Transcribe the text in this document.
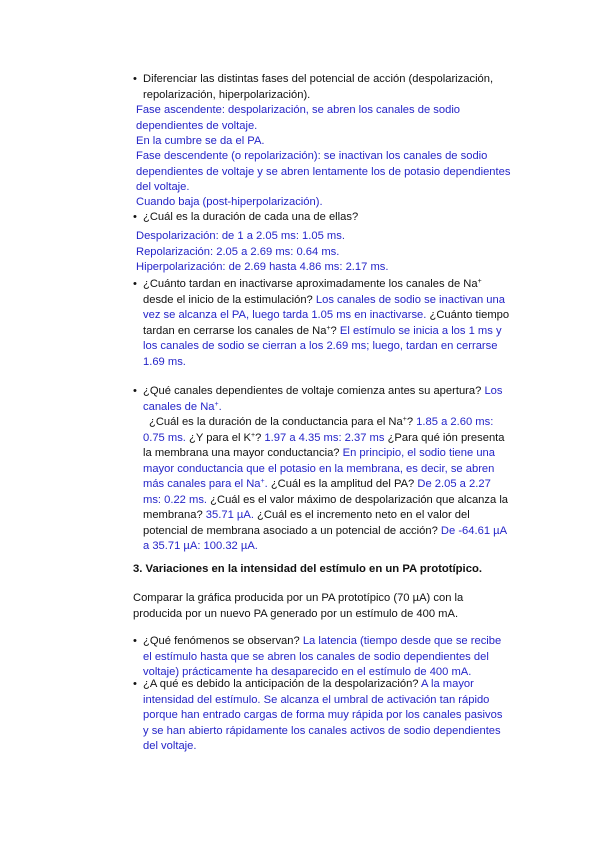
• Diferenciar las distintas fases del potencial de acción (despolarización, repolarización, hiperpolarización).

Fase ascendente: despolarización, se abren los canales de sodio dependientes de voltaje.

En la cumbre se da el PA.

Fase descendente (o repolarización): se inactivan los canales de sodio dependientes de voltaje y se abren lentamente los de potasio dependientes del voltaje.

Cuando baja (post-hiperpolarización).

• ¿Cuál es la duración de cada una de ellas?

Despolarización: de 1 a 2.05 ms: 1.05 ms.

Repolarización: 2.05 a 2.69 ms: 0.64 ms.

Hiperpolarización: de 2.69 hasta 4.86 ms: 2.17 ms.

• ¿Cuánto tardan en inactivarse aproximadamente los canales de Na+ desde el inicio de la estimulación? Los canales de sodio se inactivan una vez se alcanza el PA, luego tarda 1.05 ms en inactivarse. ¿Cuánto tiempo tardan en cerrarse los canales de Na+? El estímulo se inicia a los 1 ms y los canales de sodio se cierran a los 2.69 ms; luego, tardan en cerrarse 1.69 ms.
• ¿Qué canales dependientes de voltaje comienza antes su apertura? Los canales de Na+.
¿Cuál es la duración de la conductancia para el Na+? 1.85 a 2.60 ms: 0.75 ms. ¿Y para el K+? 1.97 a 4.35 ms: 2.37 ms ¿Para qué ión presenta la membrana una mayor conductancia? En principio, el sodio tiene una mayor conductancia que el potasio en la membrana, es decir, se abren más canales para el Na+. ¿Cuál es la amplitud del PA? De 2.05 a 2.27 ms: 0.22 ms. ¿Cuál es el valor máximo de despolarización que alcanza la membrana? 35.71 µA. ¿Cuál es el incremento neto en el valor del potencial de membrana asociado a un potencial de acción? De -64.61 µA a 35.71 µA: 100.32 µA.
3. Variaciones en la intensidad del estímulo en un PA prototípico.
Comparar la gráfica producida por un PA prototípico (70 µA) con la producida por un nuevo PA generado por un estímulo de 400 mA.
• ¿Qué fenómenos se observan? La latencia (tiempo desde que se recibe el estímulo hasta que se abren los canales de sodio dependientes del voltaje) prácticamente ha desaparecido en el estímulo de 400 mA.
• ¿A qué es debido la anticipación de la despolarización? A la mayor intensidad del estímulo. Se alcanza el umbral de activación tan rápido porque han entrado cargas de forma muy rápida por los canales pasivos y se han abierto rápidamente los canales activos de sodio dependientes del voltaje.
